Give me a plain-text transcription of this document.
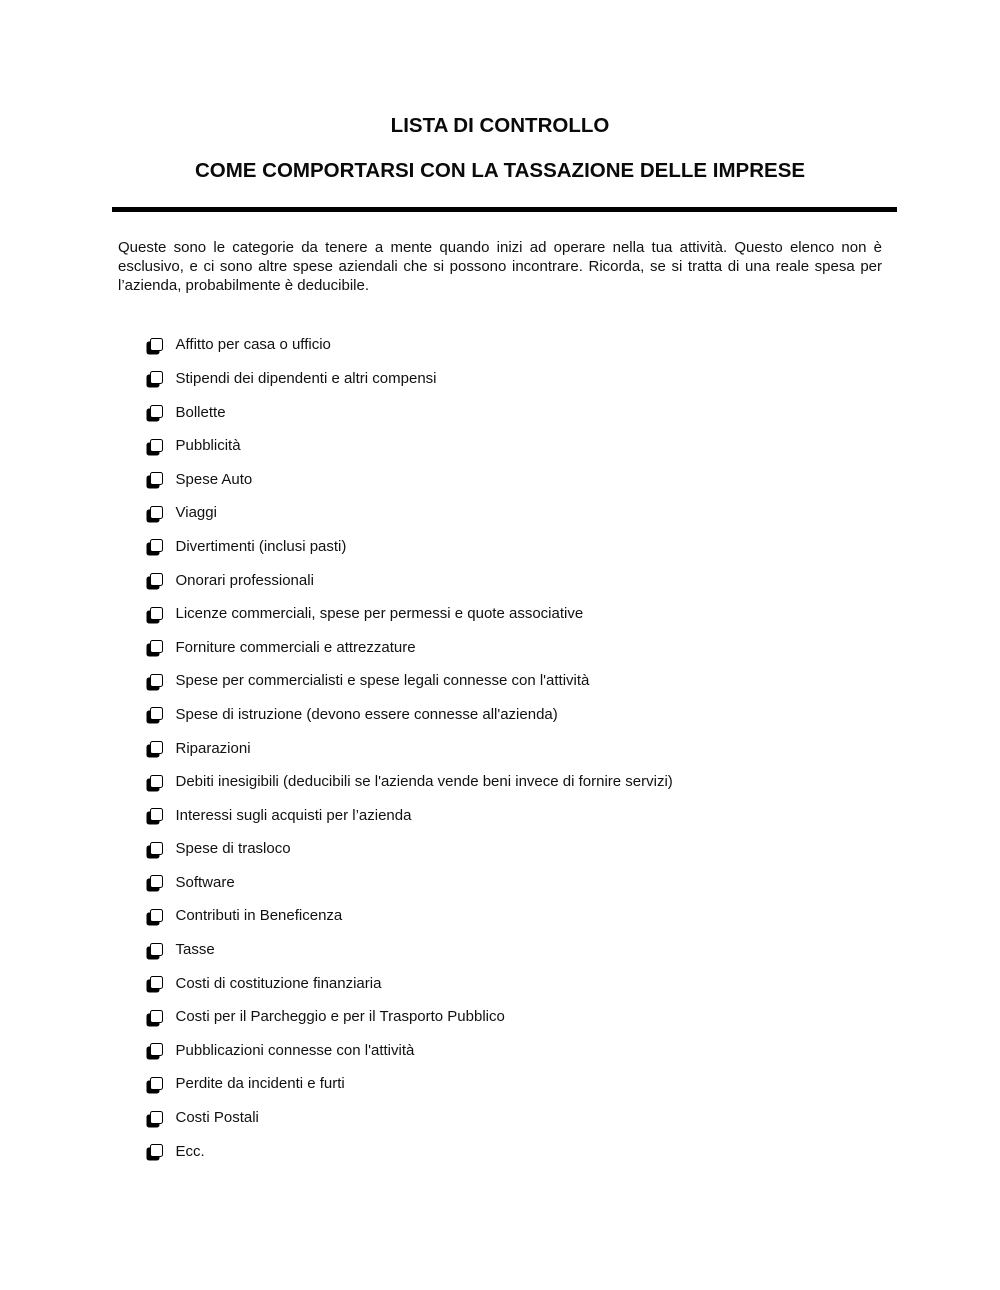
LISTA DI CONTROLLO
COME COMPORTARSI CON LA TASSAZIONE DELLE IMPRESE

Queste sono le categorie da tenere a mente quando inizi ad operare nella tua attività. Questo elenco non è esclusivo, e ci sono altre spese aziendali che si possono incontrare. Ricorda, se si tratta di una reale spesa per l’azienda, probabilmente è deducibile.

Affitto per casa o ufficio
Stipendi dei dipendenti e altri compensi
Bollette
Pubblicità
Spese Auto
Viaggi
Divertimenti (inclusi pasti)
Onorari professionali
Licenze commerciali, spese per permessi e quote associative
Forniture commerciali e attrezzature
Spese per commercialisti e spese legali connesse con l'attività
Spese di istruzione (devono essere connesse all'azienda)
Riparazioni
Debiti inesigibili (deducibili se l'azienda vende beni invece di fornire servizi)
Interessi sugli acquisti per l’azienda
Spese di trasloco
Software
Contributi in Beneficenza
Tasse
Costi di costituzione finanziaria
Costi per il Parcheggio e per il Trasporto Pubblico
Pubblicazioni connesse con l'attività
Perdite da incidenti e furti
Costi Postali
Ecc.
